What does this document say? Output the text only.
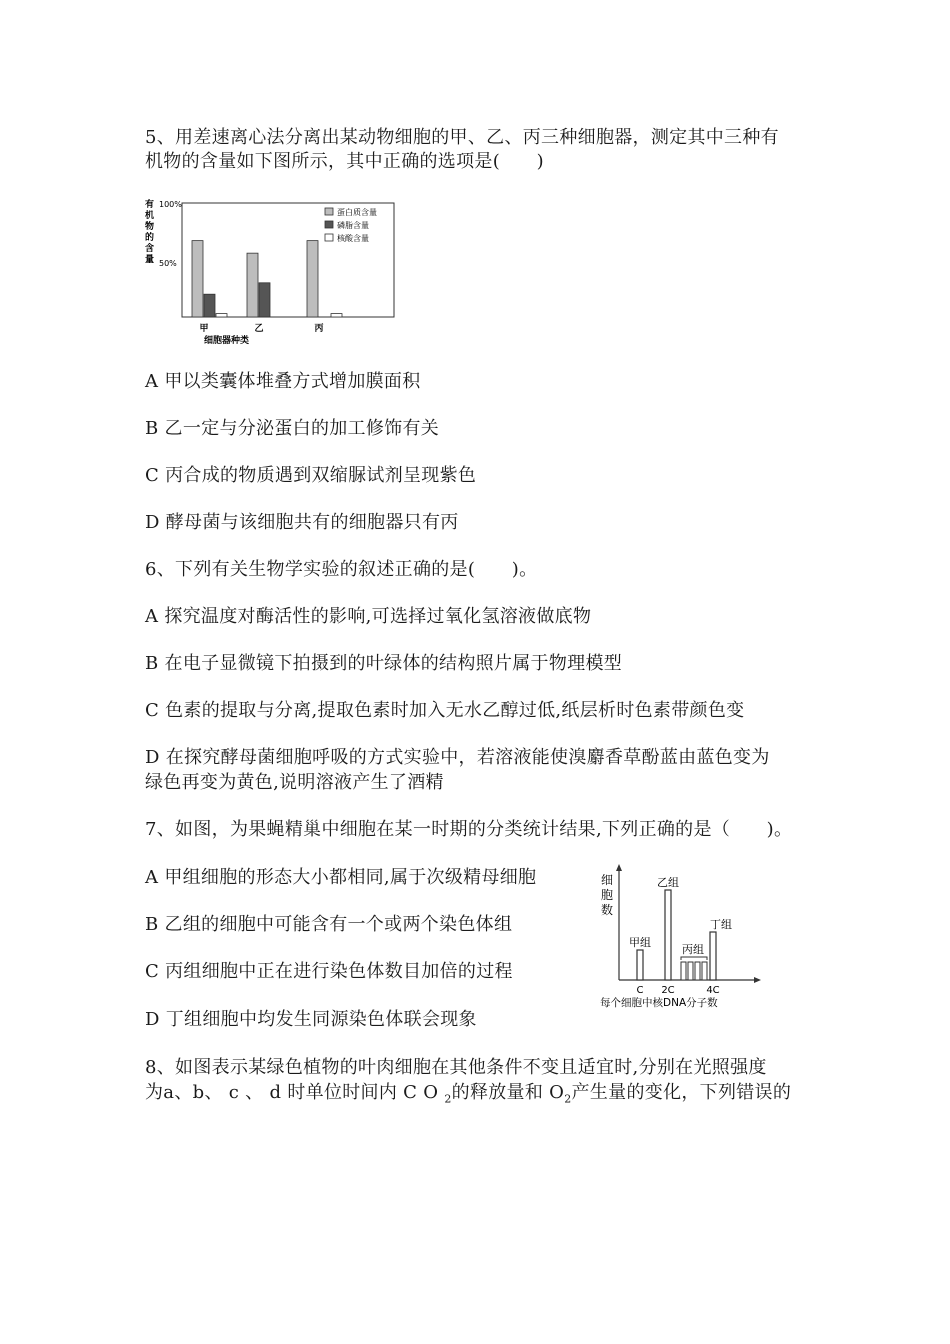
5、用差速离心法分离出某动物细胞的甲、乙、丙三种细胞器，测定其中三种有
机物的含量如下图所示，其中正确的选项是(　　)
有
机
物
的
含
量
100%
50%
细胞器种类
甲	乙	丙
蛋白质含量
磷脂含量
核酸含量
A 甲以类囊体堆叠方式增加膜面积
B 乙一定与分泌蛋白的加工修饰有关
C 丙合成的物质遇到双缩脲试剂呈现紫色
D 酵母菌与该细胞共有的细胞器只有丙
6、下列有关生物学实验的叙述正确的是(　　)。
A 探究温度对酶活性的影响,可选择过氧化氢溶液做底物
B 在电子显微镜下拍摄到的叶绿体的结构照片属于物理模型
C 色素的提取与分离,提取色素时加入无水乙醇过低,纸层析时色素带颜色变
D 在探究酵母菌细胞呼吸的方式实验中，若溶液能使溴麝香草酚蓝由蓝色变为
绿色再变为黄色,说明溶液产生了酒精
7、如图，为果蝇精巢中细胞在某一时期的分类统计结果,下列正确的是（　　)。
A 甲组细胞的形态大小都相同,属于次级精母细胞
B 乙组的细胞中可能含有一个或两个染色体组
C 丙组细胞中正在进行染色体数目加倍的过程
D 丁组细胞中均发生同源染色体联会现象
细
胞
数
C 2C	4C
每个细胞中核DNA分子数
甲组
乙组
丙组
丁组
8、如图表示某绿色植物的叶肉细胞在其他条件不变且适宜时,分别在光照强度
为a、b、 c 、 d 时单位时间内 C O $_2$的释放量和 $O_2$产生量的变化，下列错误的
